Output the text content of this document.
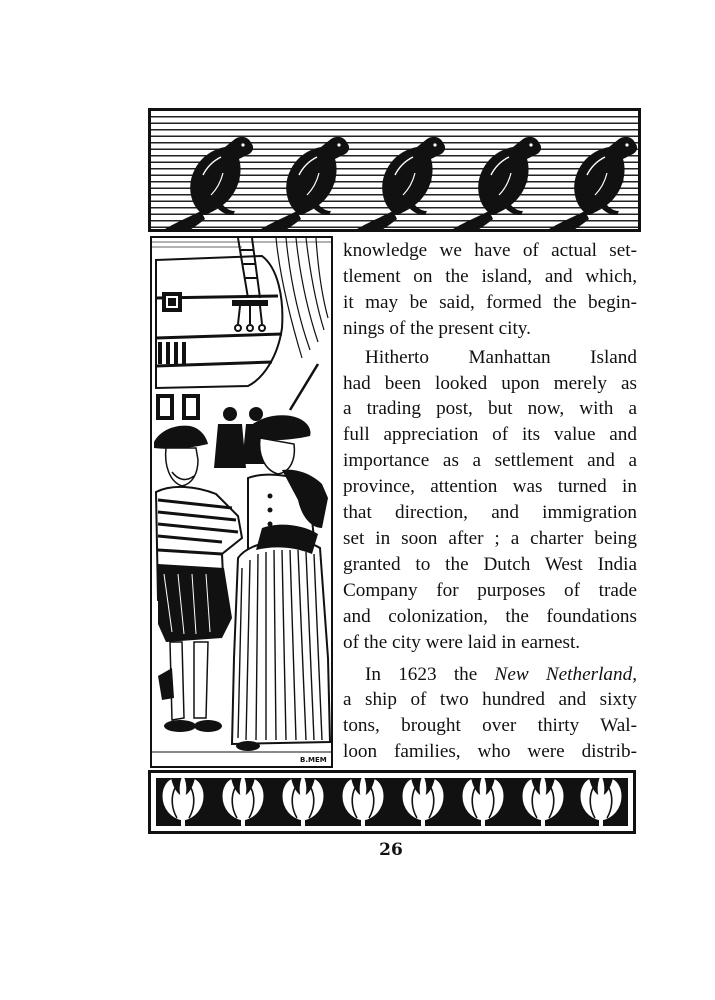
B.MEM

knowledge we have of actual set-
tlement on the island, and which,
it may be said, formed the begin-
nings of the present city.

Hitherto Manhattan Island
had been looked upon merely as
a trading post, but now, with a
full appreciation of its value and
importance as a settlement and a
province, attention was turned in
that direction, and immigration
set in soon after ; a charter being
granted to the Dutch West India
Company for purposes of trade
and colonization, the foundations
of the city were laid in earnest.

In 1623 the New Netherland,
a ship of two hundred and sixty
tons, brought over thirty Wal-
loon families, who were distrib-

26
